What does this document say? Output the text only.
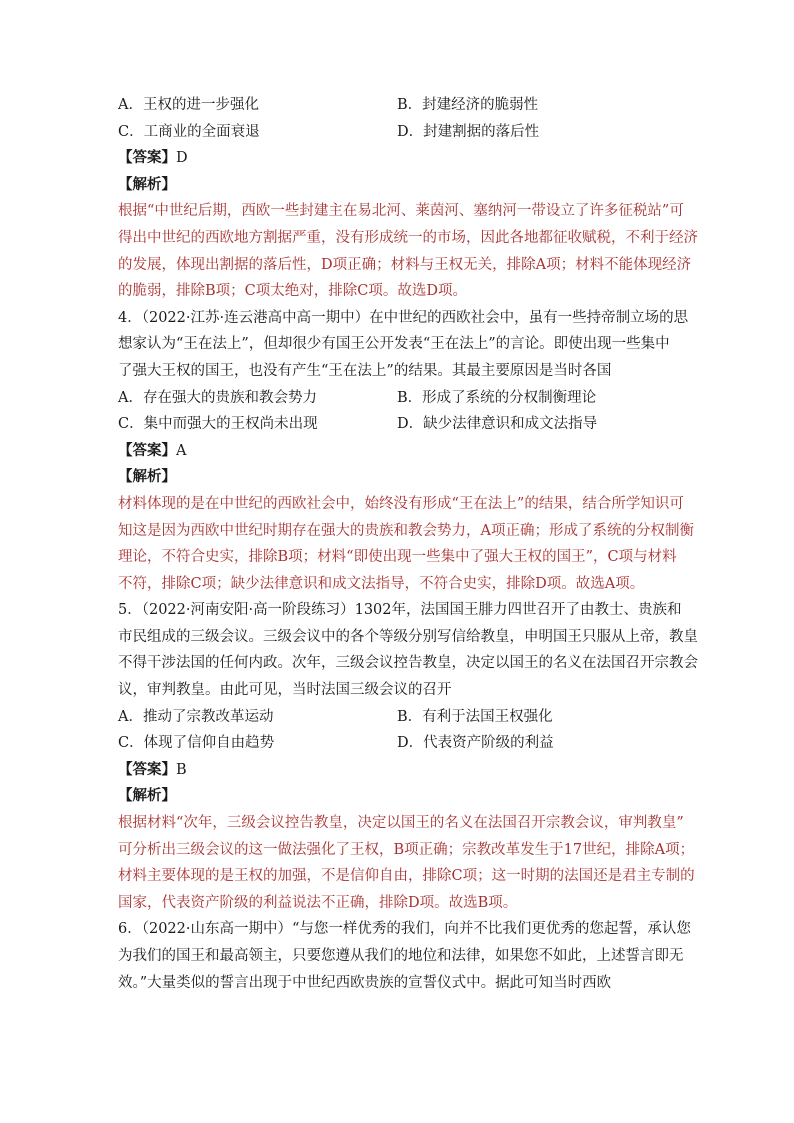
A．王权的进一步强化	B．封建经济的脆弱性
C．工商业的全面衰退	D．封建割据的落后性
【答案】D
【解析】
根据“中世纪后期，西欧一些封建主在易北河、莱茵河、塞纳河一带设立了许多征税站”可
得出中世纪的西欧地方割据严重，没有形成统一的市场，因此各地都征收赋税，不利于经济
的发展，体现出割据的落后性，D项正确；材料与王权无关，排除A项；材料不能体现经济
的脆弱，排除B项；C项太绝对，排除C项。故选D项。
4．（2022·江苏·连云港高中高一期中）在中世纪的西欧社会中，虽有一些持帝制立场的思
想家认为“王在法上”，但却很少有国王公开发表“王在法上”的言论。即使出现一些集中
了强大王权的国王，也没有产生“王在法上”的结果。其最主要原因是当时各国
A．存在强大的贵族和教会势力	B．形成了系统的分权制衡理论
C．集中而强大的王权尚未出现	D．缺少法律意识和成文法指导
【答案】A
【解析】
材料体现的是在中世纪的西欧社会中，始终没有形成“王在法上”的结果，结合所学知识可
知这是因为西欧中世纪时期存在强大的贵族和教会势力，A项正确；形成了系统的分权制衡
理论，不符合史实，排除B项；材料“即使出现一些集中了强大王权的国王”，C项与材料
不符，排除C项；缺少法律意识和成文法指导，不符合史实，排除D项。故选A项。
5．（2022·河南安阳·高一阶段练习）1302年，法国国王腓力四世召开了由教士、贵族和
市民组成的三级会议。三级会议中的各个等级分别写信给教皇，申明国王只服从上帝，教皇
不得干涉法国的任何内政。次年，三级会议控告教皇，决定以国王的名义在法国召开宗教会
议，审判教皇。由此可见，当时法国三级会议的召开
A．推动了宗教改革运动	B．有利于法国王权强化
C．体现了信仰自由趋势	D．代表资产阶级的利益
【答案】B
【解析】
根据材料“次年，三级会议控告教皇，决定以国王的名义在法国召开宗教会议，审判教皇”
可分析出三级会议的这一做法强化了王权，B项正确；宗教改革发生于17世纪，排除A项；
材料主要体现的是王权的加强，不是信仰自由，排除C项；这一时期的法国还是君主专制的
国家，代表资产阶级的利益说法不正确，排除D项。故选B项。
6．（2022·山东高一期中）“与您一样优秀的我们，向并不比我们更优秀的您起誓，承认您
为我们的国王和最高领主，只要您遵从我们的地位和法律，如果您不如此，上述誓言即无
效。”大量类似的誓言出现于中世纪西欧贵族的宣誓仪式中。据此可知当时西欧
